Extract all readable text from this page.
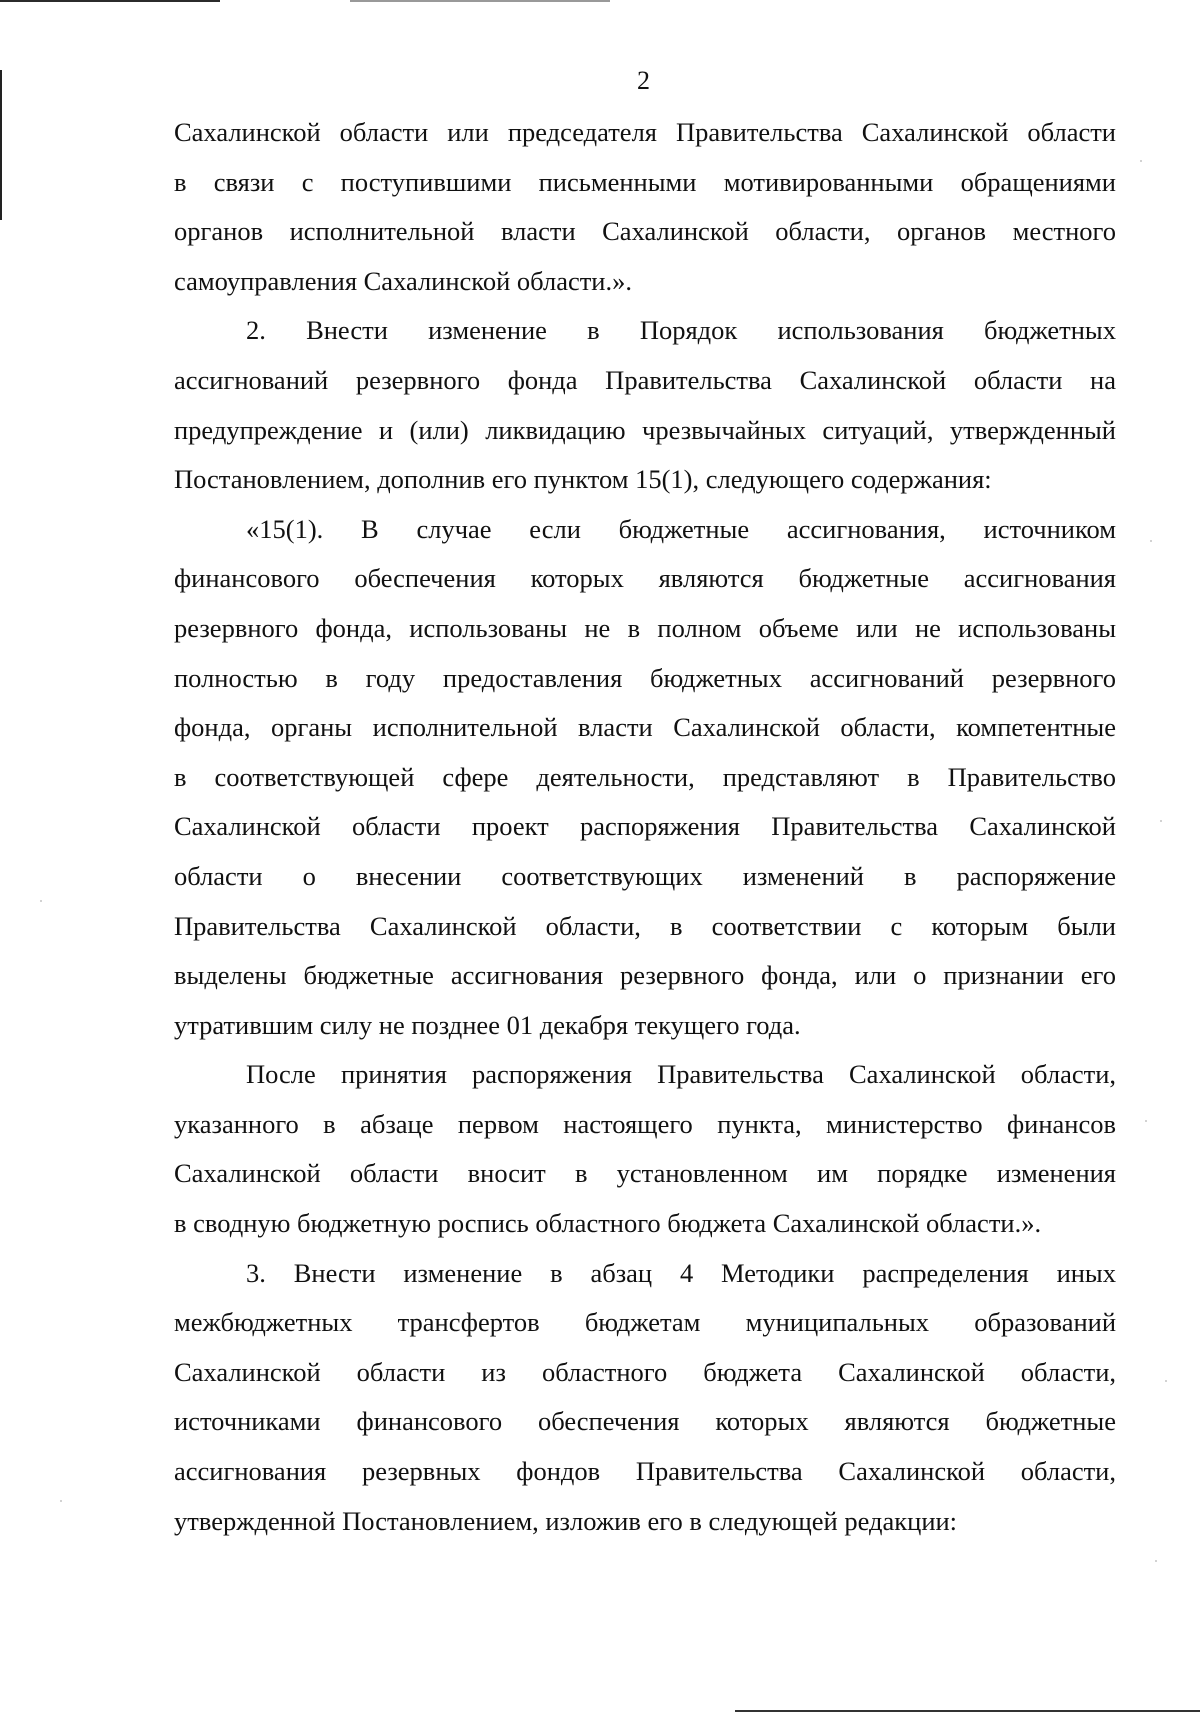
2
Сахалинской области или председателя Правительства Сахалинской области
в связи с поступившими письменными мотивированными обращениями
органов исполнительной власти Сахалинской области, органов местного
самоуправления Сахалинской области.».
2. Внести изменение в Порядок использования бюджетных
ассигнований резервного фонда Правительства Сахалинской области на
предупреждение и (или) ликвидацию чрезвычайных ситуаций, утвержденный
Постановлением, дополнив его пунктом 15(1), следующего содержания:
«15(1). В случае если бюджетные ассигнования, источником
финансового обеспечения которых являются бюджетные ассигнования
резервного фонда, использованы не в полном объеме или не использованы
полностью в году предоставления бюджетных ассигнований резервного
фонда, органы исполнительной власти Сахалинской области, компетентные
в соответствующей сфере деятельности, представляют в Правительство
Сахалинской области проект распоряжения Правительства Сахалинской
области о внесении соответствующих изменений в распоряжение
Правительства Сахалинской области, в соответствии с которым были
выделены бюджетные ассигнования резервного фонда, или о признании его
утратившим силу не позднее 01 декабря текущего года.
После принятия распоряжения Правительства Сахалинской области,
указанного в абзаце первом настоящего пункта, министерство финансов
Сахалинской области вносит в установленном им порядке изменения
в сводную бюджетную роспись областного бюджета Сахалинской области.».
3. Внести изменение в абзац 4 Методики распределения иных
межбюджетных трансфертов бюджетам муниципальных образований
Сахалинской области из областного бюджета Сахалинской области,
источниками финансового обеспечения которых являются бюджетные
ассигнования резервных фондов Правительства Сахалинской области,
утвержденной Постановлением, изложив его в следующей редакции:
